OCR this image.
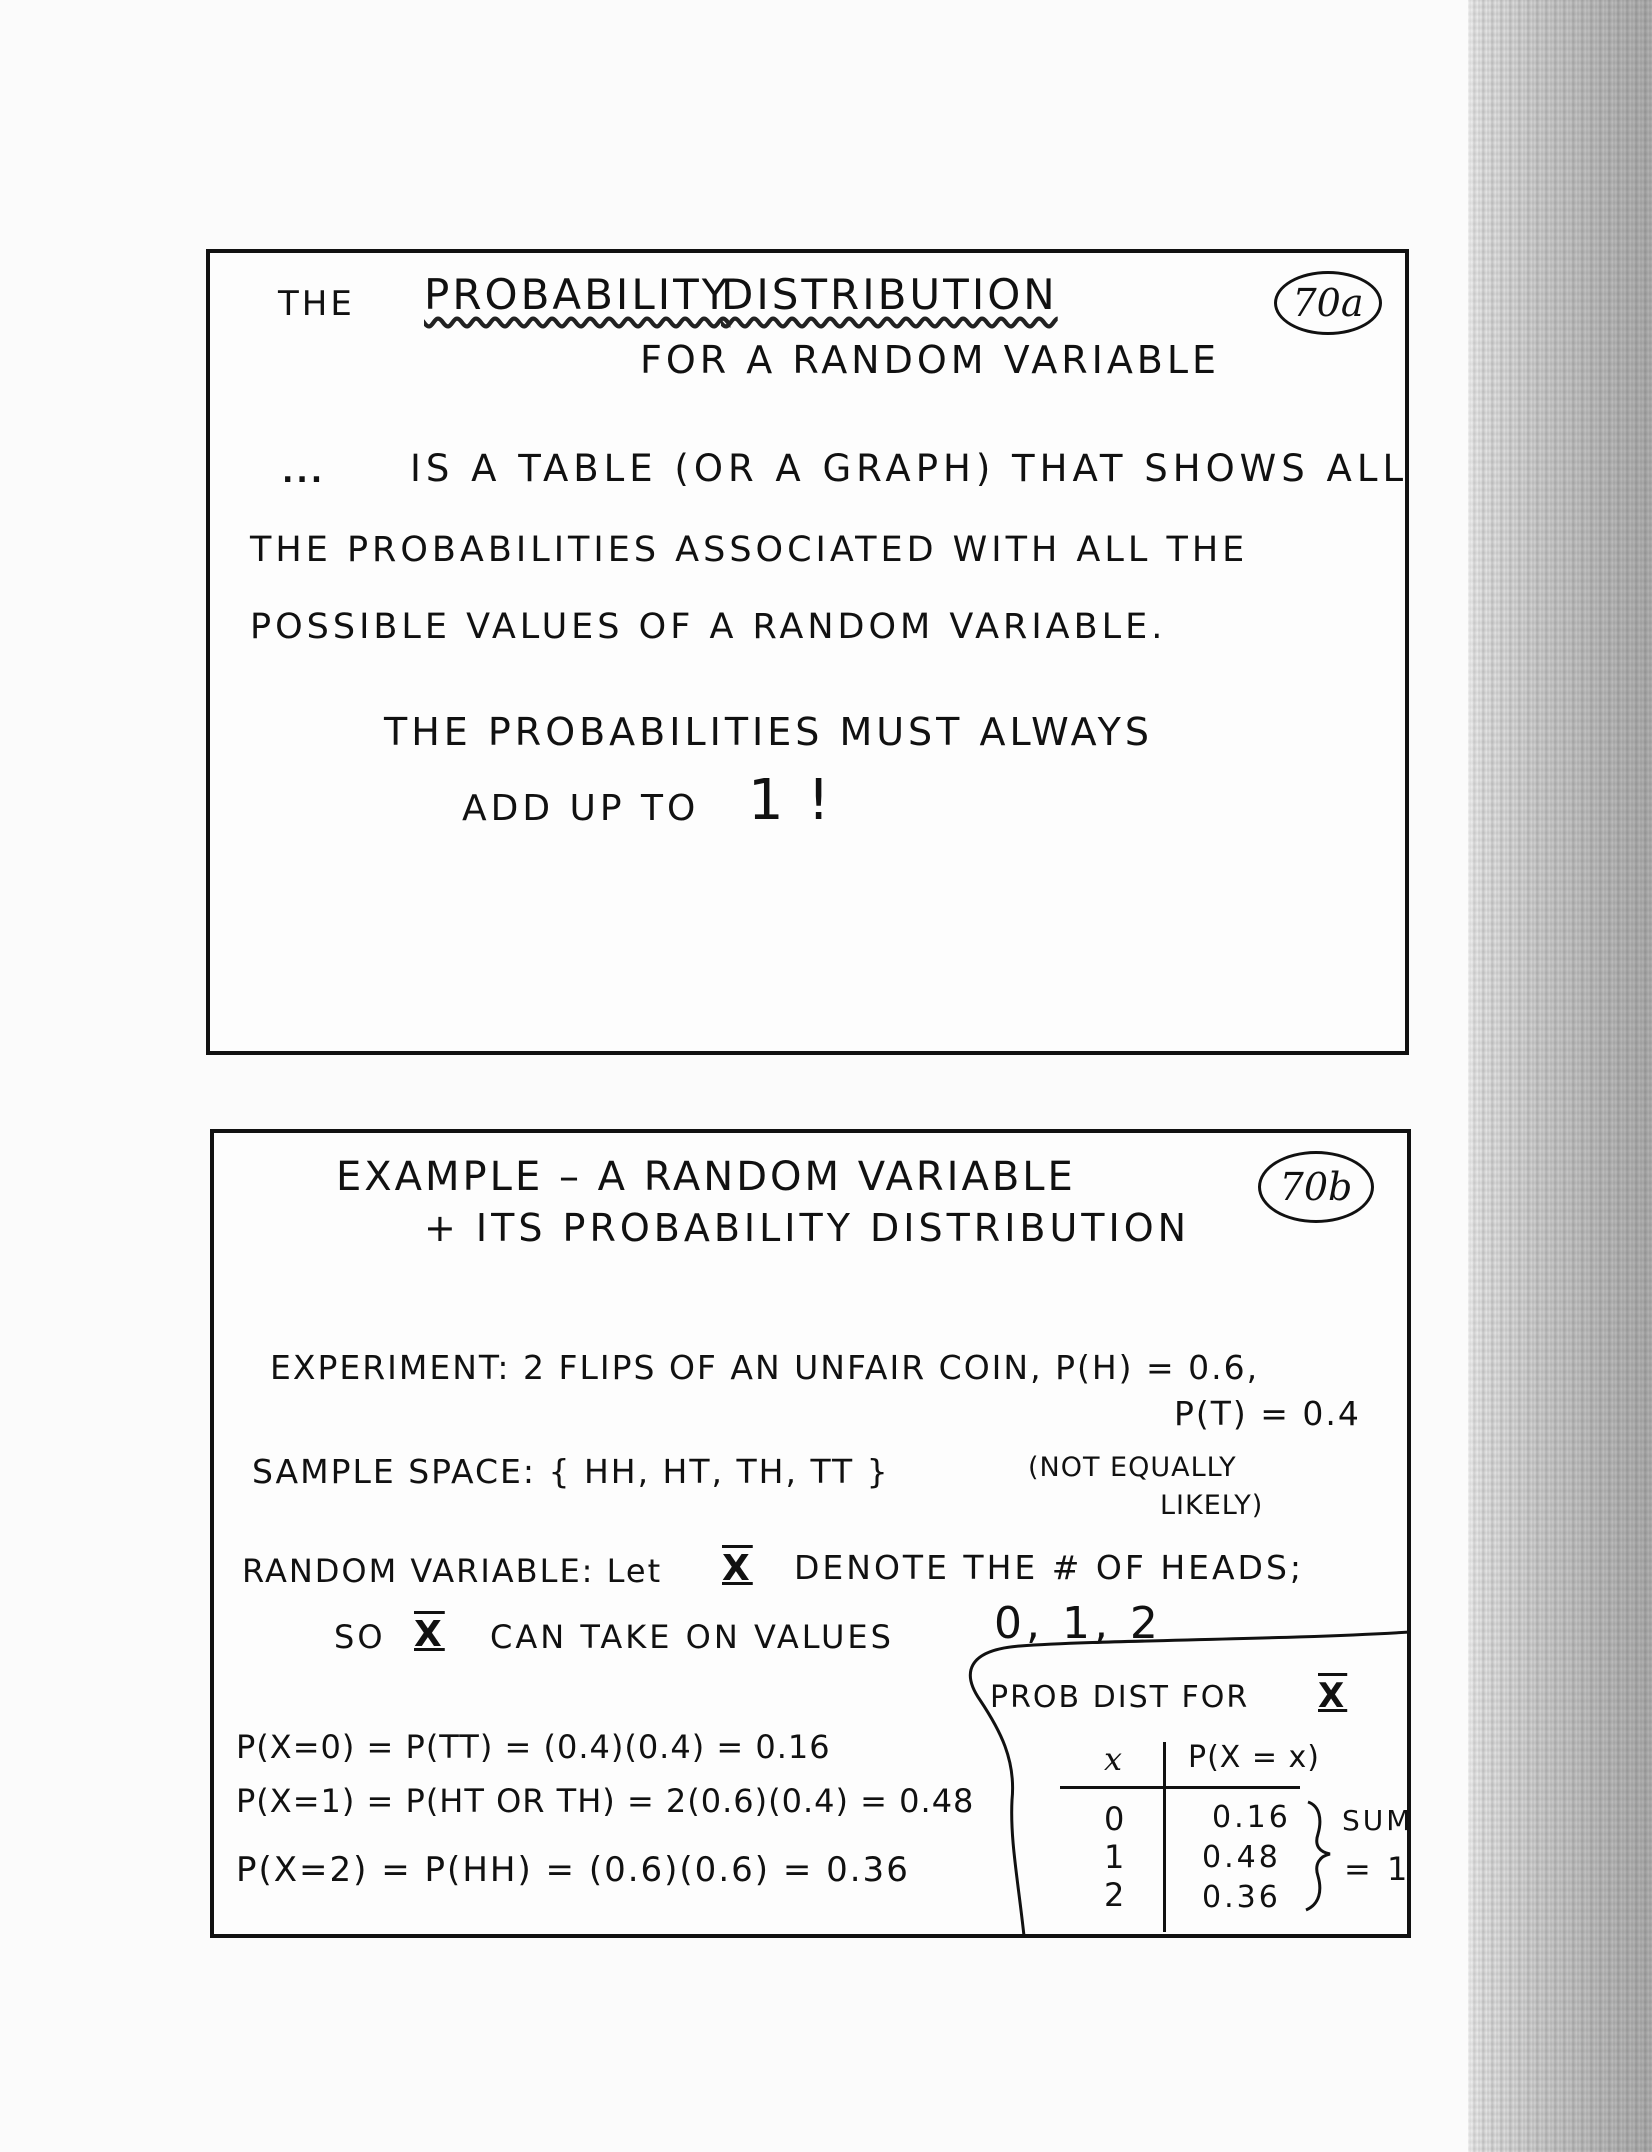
70a
THE PROBABILITY
DISTRIBUTION
FOR A RANDOM VARIABLE
... IS A TABLE (OR A GRAPH) THAT SHOWS ALL
THE PROBABILITIES ASSOCIATED WITH ALL THE
POSSIBLE VALUES OF A RANDOM VARIABLE.
THE PROBABILITIES MUST ALWAYS
ADD UP TO 1 !
70b
EXAMPLE – A RANDOM VARIABLE
+ ITS PROBABILITY DISTRIBUTION
EXPERIMENT: 2 FLIPS OF AN UNFAIR COIN, P(H) = 0.6,
P(T) = 0.4
SAMPLE SPACE: { HH, HT, TH, TT }	(NOT EQUALLY
LIKELY)
RANDOM VARIABLE: Let X DENOTE THE # OF HEADS;
SO X CAN TAKE ON VALUES 0, 1, 2
P(X=0) = P(TT) = (0.4)(0.4) = 0.16
P(X=1) = P(HT OR TH) = 2(0.6)(0.4) = 0.48
P(X=2) = P(HH) = (0.6)(0.6) = 0.36
PROB DIST FOR X
x P(X = x)
0
1
2
0.16
0.48
0.36
SUM
= 1
